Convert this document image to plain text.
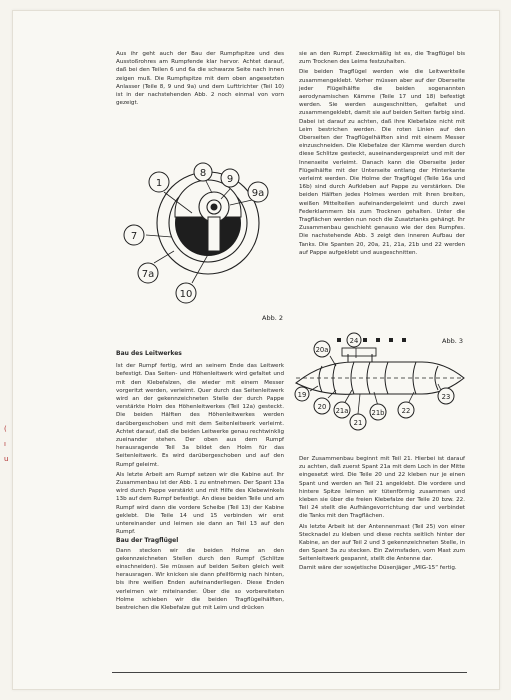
(
ı
u

Aus ihr geht auch der Bau der Rumpfspitze und des Ausstoßrohres am Rumpfende klar hervor. Achtet darauf, daß bei den Teilen 6 und 6a die schwarze Seite nach innen zeigen muß. Die Rumpfspitze mit dem oben angesetzten Anlasser (Teile 8, 9 und 9a) und dem Lufttrichter (Teil 10) ist in der nachstehenden Abb. 2 noch einmal von vorn gezeigt.

1
8
9
9a
7
7a
10
Abb. 2

Bau des Leitwerkes

Ist der Rumpf fertig, wird an seinem Ende das Leitwerk befestigt. Das Seiten- und Höhenleitwerk wird gefaltet und mit den Klebefalzen, die wieder mit einem Messer vorgeritzt werden, verleimt. Quer durch das Seitenleitwerk wird an der gekennzeichneten Stelle der durch Pappe verstärkte Holm des Höhenleitwerkes (Teil 12a) gesteckt. Die beiden Hälften des Höhenleitwerkes werden darübergeschoben und mit dem Seitenleitwerk verleimt. Achtet darauf, daß die beiden Leitwerke genau rechtwinklig zueinander stehen. Der oben aus dem Rumpf herausragende Teil 3a bildet den Holm für das Seitenleitwerk. Es wird darübergeschoben und auf den Rumpf geleimt.

Als letzte Arbeit am Rumpf setzen wir die Kabine auf. Ihr Zusammenbau ist der Abb. 1 zu entnehmen. Der Spant 13a wird durch Pappe verstärkt und mit Hilfe des Klebewinkels 13b auf dem Rumpf befestigt. An diese beiden Teile und am Rumpf wird dann die vordere Scheibe (Teil 13) der Kabine geklebt. Die Teile 14 und 15 verbinden wir erst untereinander und leimen sie dann an Teil 13 auf den Rumpf.

Bau der Tragflügel

Dann stecken wir die beiden Holme an den gekennzeichneten Stellen durch den Rumpf (Schlitze einschneiden). Sie müssen auf beiden Seiten gleich weit herausragen. Wir knicken sie dann pfeilförmig nach hinten, bis ihre weißen Enden aufeinanderliegen. Diese Enden verleimen wir miteinander. Über die so vorbereiteten Holme schieben wir die beiden Tragflügelhälften, bestreichen die Klebefalze gut mit Leim und drücken

sie an den Rumpf. Zweckmäßig ist es, die Tragflügel bis zum Trocknen des Leims festzuhalten.

Die beiden Tragflügel werden wie die Leitwerkteile zusammengeklebt. Vorher müssen aber auf der Oberseite jeder Flügelhälfte die beiden sogenannten aerodynamischen Kämme (Teile 17 und 18) befestigt werden. Sie werden ausgeschnitten, gefaltet und zusammengeklebt, damit sie auf beiden Seiten farbig sind. Dabei ist darauf zu achten, daß ihre Klebefalze nicht mit Leim bestrichen werden. Die roten Linien auf den Oberseiten der Tragflügelhälften sind mit einem Messer einzuschneiden. Die Klebefalze der Kämme werden durch diese Schlitze gesteckt, auseinandergespreizt und mit der Innenseite verleimt. Danach kann die Oberseite jeder Flügelhälfte mit der Unterseite entlang der Hinterkante verleimt werden. Die Holme der Tragflügel (Teile 16a und 16b) sind durch Aufkleben auf Pappe zu verstärken. Die beiden Hälften jedes Holmes werden mit ihren breiten, weißen Mittelteilen aufeinandergeleimt und durch zwei Federklammern bis zum Trocknen gehalten. Unter die Tragflächen werden nun noch die Zusatztanks gehängt. Ihr Zusammenbau geschieht genauso wie der des Rumpfes. Die nachstehende Abb. 3 zeigt den inneren Aufbau der Tanks. Die Spanten 20, 20a, 21, 21a, 21b und 22 werden auf Pappe aufgeklebt und ausgeschnitten.

Abb. 3
20a
24
19
20 21a
21
21b	22
23

Der Zusammenbau beginnt mit Teil 21. Hierbei ist darauf zu achten, daß zuerst Spant 21a mit dem Loch in der Mitte eingesetzt wird. Die Teile 20 und 22 kleben nur je einen Spant und werden an Teil 21 angeklebt. Die vordere und hintere Spitze leimen wir tütenförmig zusammen und kleben sie über die freien Klebefalze der Teile 20 bzw. 22. Teil 24 stellt die Aufhängevorrichtung dar und verbindet die Tanks mit den Tragflächen.

Als letzte Arbeit ist der Antennenmast (Teil 25) von einer Stecknadel zu kleben und diese rechts seitlich hinter der Kabine, an der auf Teil 2 und 3 gekennzeichneten Stelle, in den Spant 3a zu stecken. Ein Zwirnsfaden, vom Mast zum Seitenleitwerk gespannt, stellt die Antenne dar.

Damit wäre der sowjetische Düsenjäger „MIG-15“ fertig.
